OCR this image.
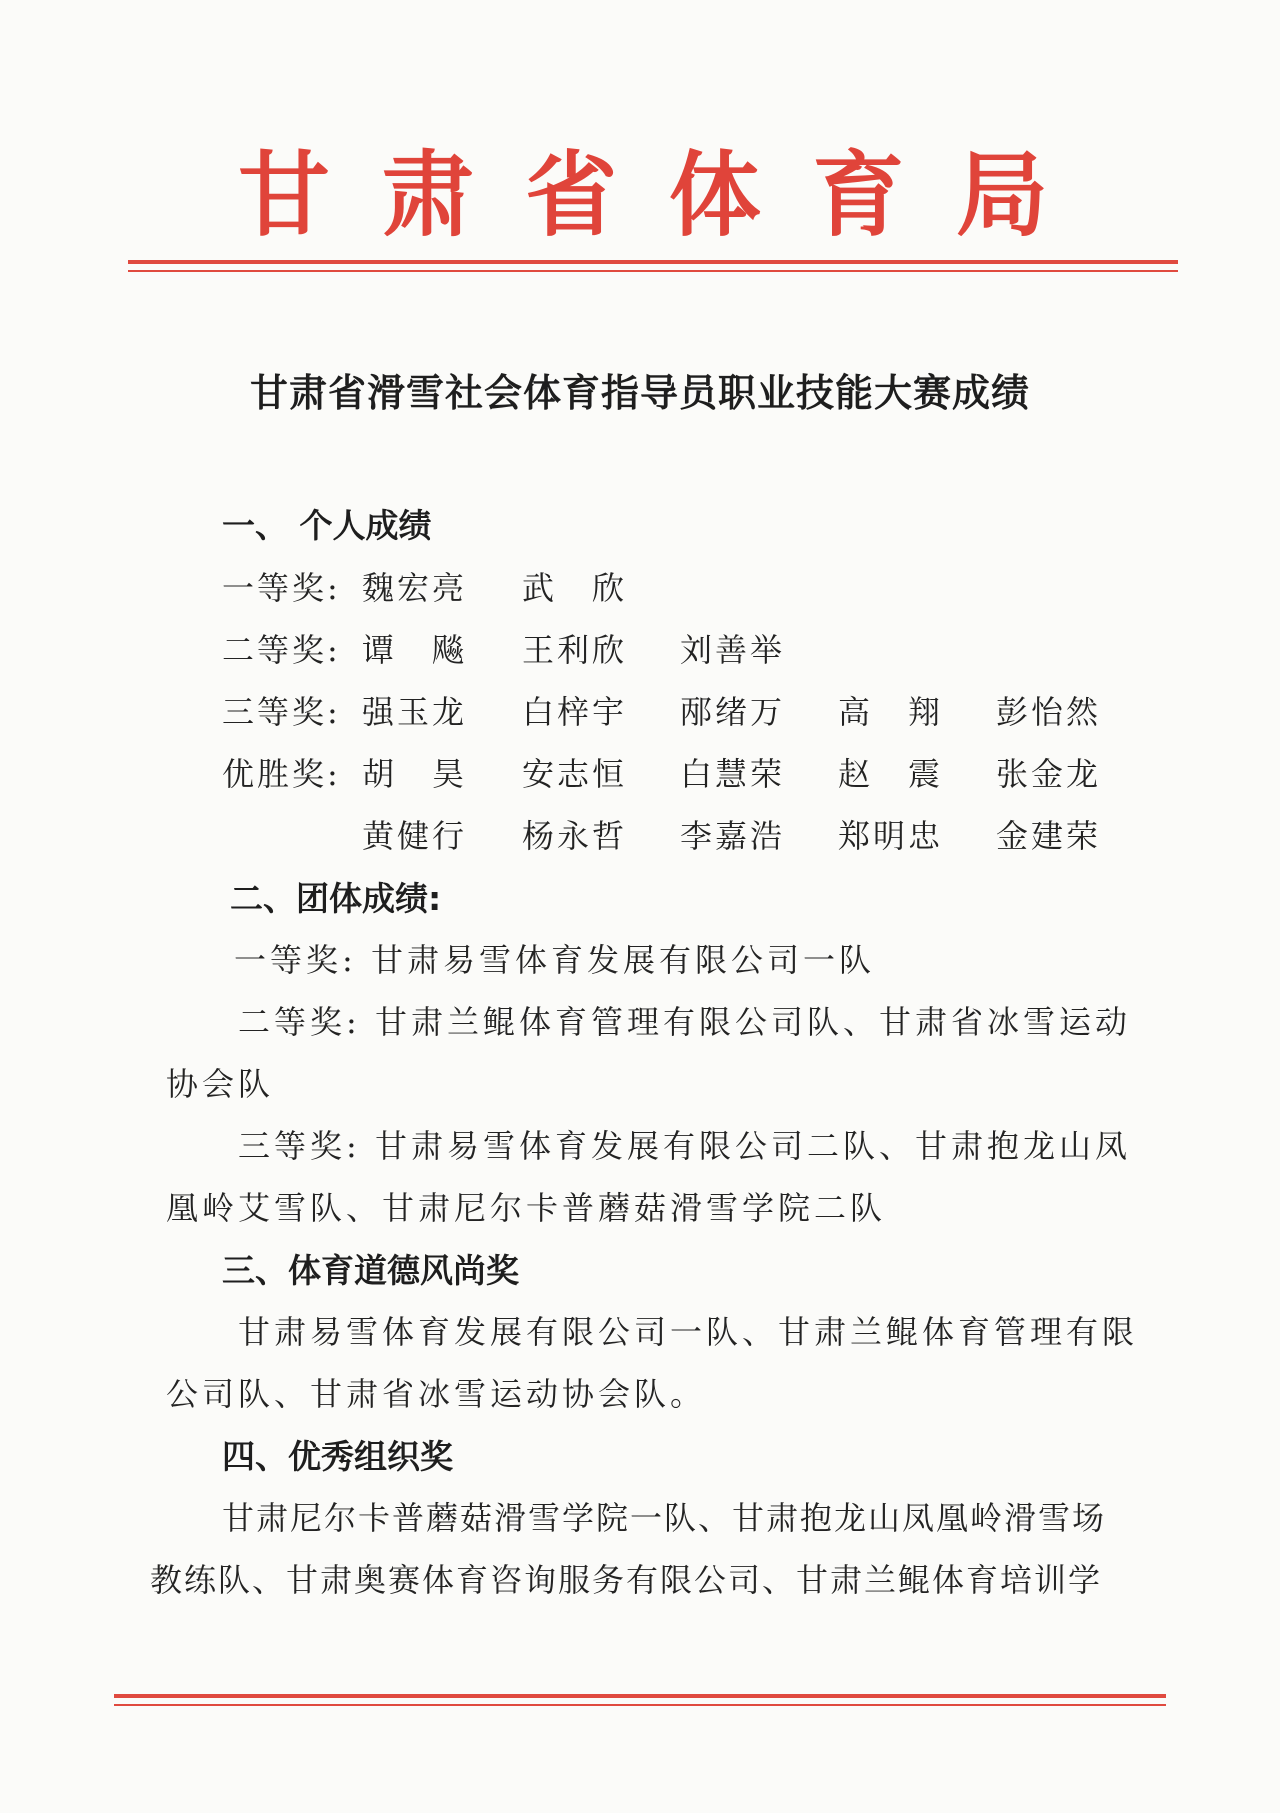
甘 肃 省 体 育 局
甘肃省滑雪社会体育指导员职业技能大赛成绩
一、 个人成绩
一等奖: 魏宏亮 武　欣
二等奖: 谭　飚 王利欣 刘善举
三等奖: 强玉龙 白梓宇 邴绪万 高　翔 彭怡然
优胜奖: 胡　昊 安志恒 白慧荣 赵　震 张金龙
黄健行 杨永哲 李嘉浩 郑明忠 金建荣
二、团体成绩:
一等奖: 甘肃易雪体育发展有限公司一队
二等奖: 甘肃兰鲲体育管理有限公司队、甘肃省冰雪运动
协会队
三等奖: 甘肃易雪体育发展有限公司二队、甘肃抱龙山凤
凰岭艾雪队、甘肃尼尔卡普蘑菇滑雪学院二队
三、体育道德风尚奖
甘肃易雪体育发展有限公司一队、甘肃兰鲲体育管理有限
公司队、甘肃省冰雪运动协会队。
四、优秀组织奖
甘肃尼尔卡普蘑菇滑雪学院一队、甘肃抱龙山凤凰岭滑雪场
教练队、甘肃奥赛体育咨询服务有限公司、甘肃兰鲲体育培训学
